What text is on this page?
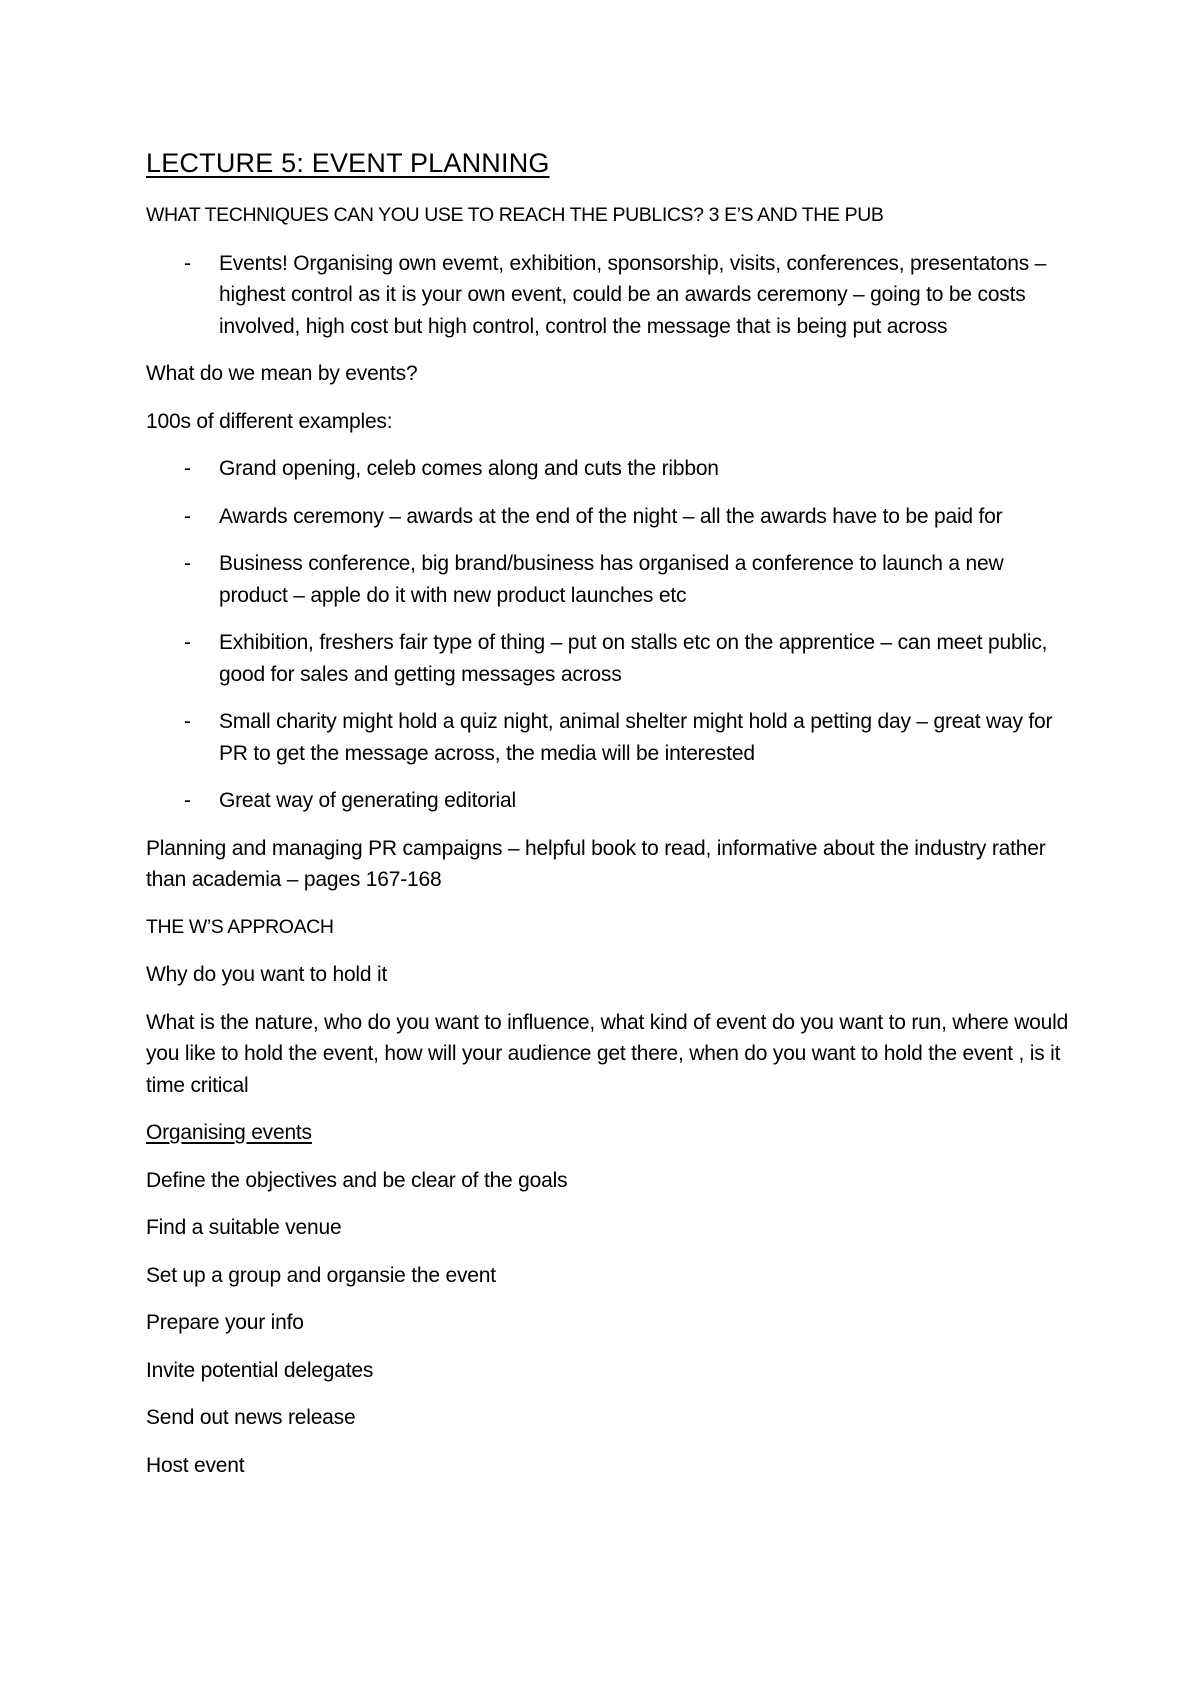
LECTURE 5: EVENT PLANNING

WHAT TECHNIQUES CAN YOU USE TO REACH THE PUBLICS? 3 E’S AND THE PUB

- Events! Organising own evemt, exhibition, sponsorship, visits, conferences, presentatons – highest control as it is your own event, could be an awards ceremony – going to be costs involved, high cost but high control, control the message that is being put across

What do we mean by events?

100s of different examples:

- Grand opening, celeb comes along and cuts the ribbon
- Awards ceremony – awards at the end of the night – all the awards have to be paid for
- Business conference, big brand/business has organised a conference to launch a new product – apple do it with new product launches etc
- Exhibition, freshers fair type of thing – put on stalls etc on the apprentice – can meet public, good for sales and getting messages across
- Small charity might hold a quiz night, animal shelter might hold a petting day – great way for PR to get the message across, the media will be interested
- Great way of generating editorial

Planning and managing PR campaigns – helpful book to read, informative about the industry rather than academia – pages 167-168

THE W’S APPROACH

Why do you want to hold it

What is the nature, who do you want to influence, what kind of event do you want to run, where would you like to hold the event, how will your audience get there, when do you want to hold the event , is it time critical

Organising events

Define the objectives and be clear of the goals

Find a suitable venue

Set up a group and organsie the event

Prepare your info

Invite potential delegates

Send out news release

Host event
